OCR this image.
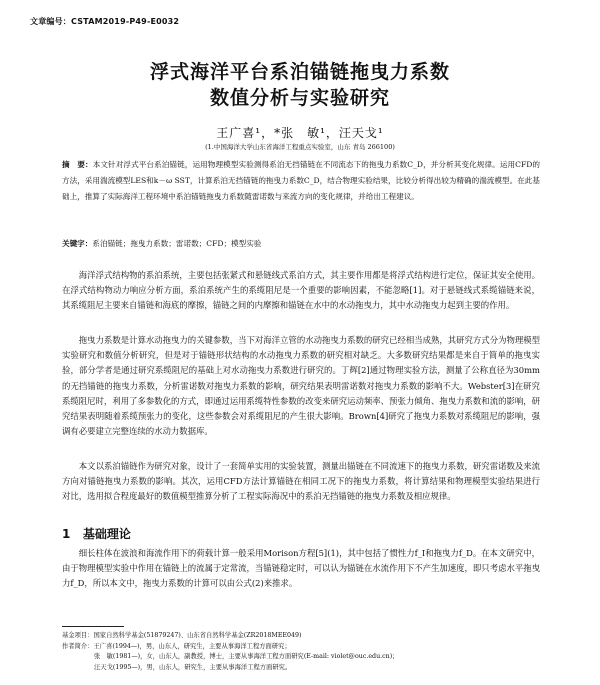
文章编号：CSTAM2019-P49-E0032
浮式海洋平台系泊锚链拖曳力系数
数值分析与实验研究
王广喜¹，*张　敏¹，汪天戈¹
(1.中国海洋大学山东省海洋工程重点实验室，山东 青岛 266100)
摘　要：本文针对浮式平台系泊锚链，运用物理模型实验测得系泊无挡锚链在不同流态下的拖曳力系数C_D，并分析其变化规律。运用CFD的方法，采用湍流模型LES和k－ω SST，计算系泊无挡锚链的拖曳力系数C_D，结合物理实验结果，比较分析得出较为精确的湍流模型。在此基础上，推算了实际海洋工程环境中系泊锚链拖曳力系数随雷诺数与来流方向的变化规律，并给出工程建议。
关键字：系泊锚链；拖曳力系数；雷诺数；CFD；模型实验

海洋浮式结构物的系泊系统，主要包括张紧式和悬链线式系泊方式，其主要作用都是将浮式结构进行定位，保证其安全使用。在浮式结构物动力响应分析方面，系泊系统产生的系缆阻尼是一个重要的影响因素，不能忽略[1]。对于悬链线式系缆锚链来说，其系缆阻尼主要来自锚链和海底的摩擦，锚链之间的内摩擦和锚链在水中的水动拖曳力，其中水动拖曳力起到主要的作用。

拖曳力系数是计算水动拖曳力的关键参数，当下对海洋立管的水动拖曳力系数的研究已经相当成熟，其研究方式分为物理模型实验研究和数值分析研究，但是对于锚链形状结构的水动拖曳力系数的研究相对缺乏。大多数研究结果都是来自于简单的拖曳实验，部分学者是通过研究系缆阻尼的基础上对水动拖曳力系数进行研究的。丁辉[2]通过物理实验方法，测量了公称直径为30mm的无挡锚链的拖曳力系数，分析雷诺数对拖曳力系数的影响，研究结果表明雷诺数对拖曳力系数的影响不大。Webster[3]在研究系缆阻尼时，利用了多参数化的方式，即通过运用系缆特性参数的改变来研究运动频率、预张力倾角、拖曳力系数和流的影响，研究结果表明随着系缆预张力的变化，这些参数会对系缆阻尼的产生很大影响。Brown[4]研究了拖曳力系数对系缆阻尼的影响，强调有必要建立完整连续的水动力数据库。

本文以系泊锚链作为研究对象，设计了一套简单实用的实验装置，测量出锚链在不同流速下的拖曳力系数，研究雷诺数及来流方向对锚链拖曳力系数的影响。其次，运用CFD方法计算锚链在相同工况下的拖曳力系数，将计算结果和物理模型实验结果进行对比，选用拟合程度最好的数值模型推算分析了工程实际海况中的系泊无挡锚链的拖曳力系数及相应规律。

1 基础理论

细长柱体在波浪和海流作用下的荷载计算一般采用Morison方程[5](1)，其中包括了惯性力f_I和拖曳力f_D。在本文研究中，由于物理模型实验中作用在锚链上的流属于定常流，当锚链稳定时，可以认为锚链在水流作用下不产生加速度，即只考虑水平拖曳力f_D，所以本文中，拖曳力系数的计算可以由公式(2)来推求。

基金项目：国家自然科学基金(51879247)、山东省自然科学基金(ZR2018MEE049)
作者简介：王广喜(1994—)，男，山东人，研究生，主要从事海洋工程方面研究；
张　敏(1981—)，女，山东人，副教授，博士，主要从事海洋工程方面研究(E-mail: violet@ouc.edu.cn)；
汪天戈(1995—)，男，山东人，研究生，主要从事海洋工程方面研究。
